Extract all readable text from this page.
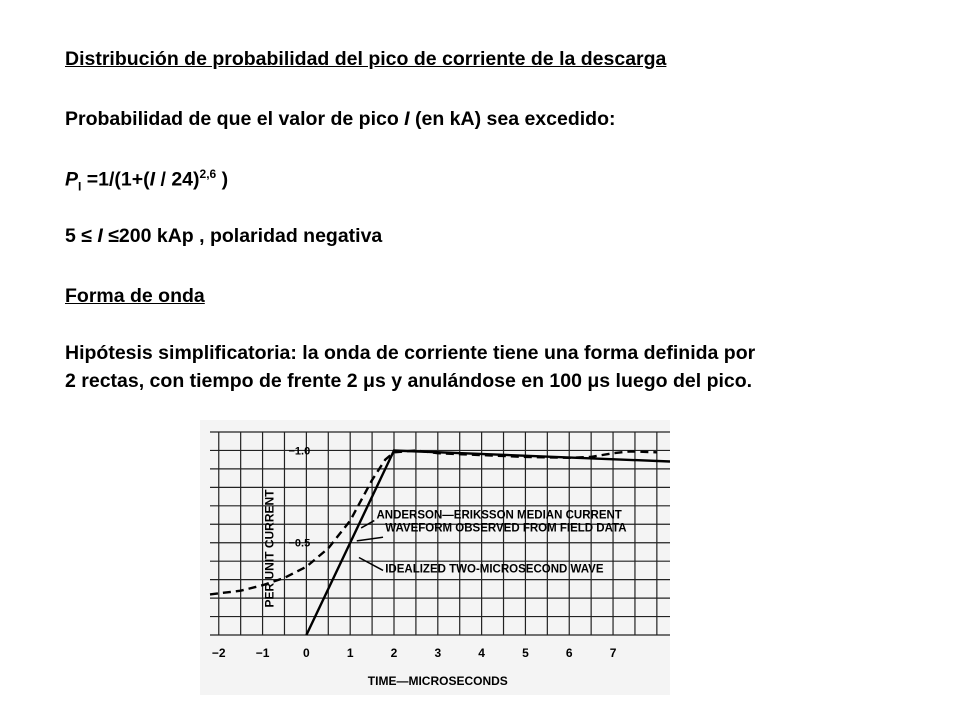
Distribución de probabilidad del pico de corriente de la descarga
Probabilidad de que el valor de pico I (en kA) sea excedido:
$P_I =1/(1+(I / 24)^{2,6}$ )
5 ≤ I ≤200 kAp , polaridad negativa
Forma de onda
Hipótesis simplificatoria: la onda de corriente tiene una forma definida por
2 rectas, con tiempo de frente 2 μs y anulándose en 100 μs luego del pico.
−2	−1	0	1	2	3	4	5	6	7
−0.5
−1.0
PER UNIT CURRENT
TIME—MICROSECONDS
ANDERSON—ERIKSSON MEDIAN CURRENT
WAVEFORM OBSERVED FROM FIELD DATA
IDEALIZED TWO-MICROSECOND WAVE
